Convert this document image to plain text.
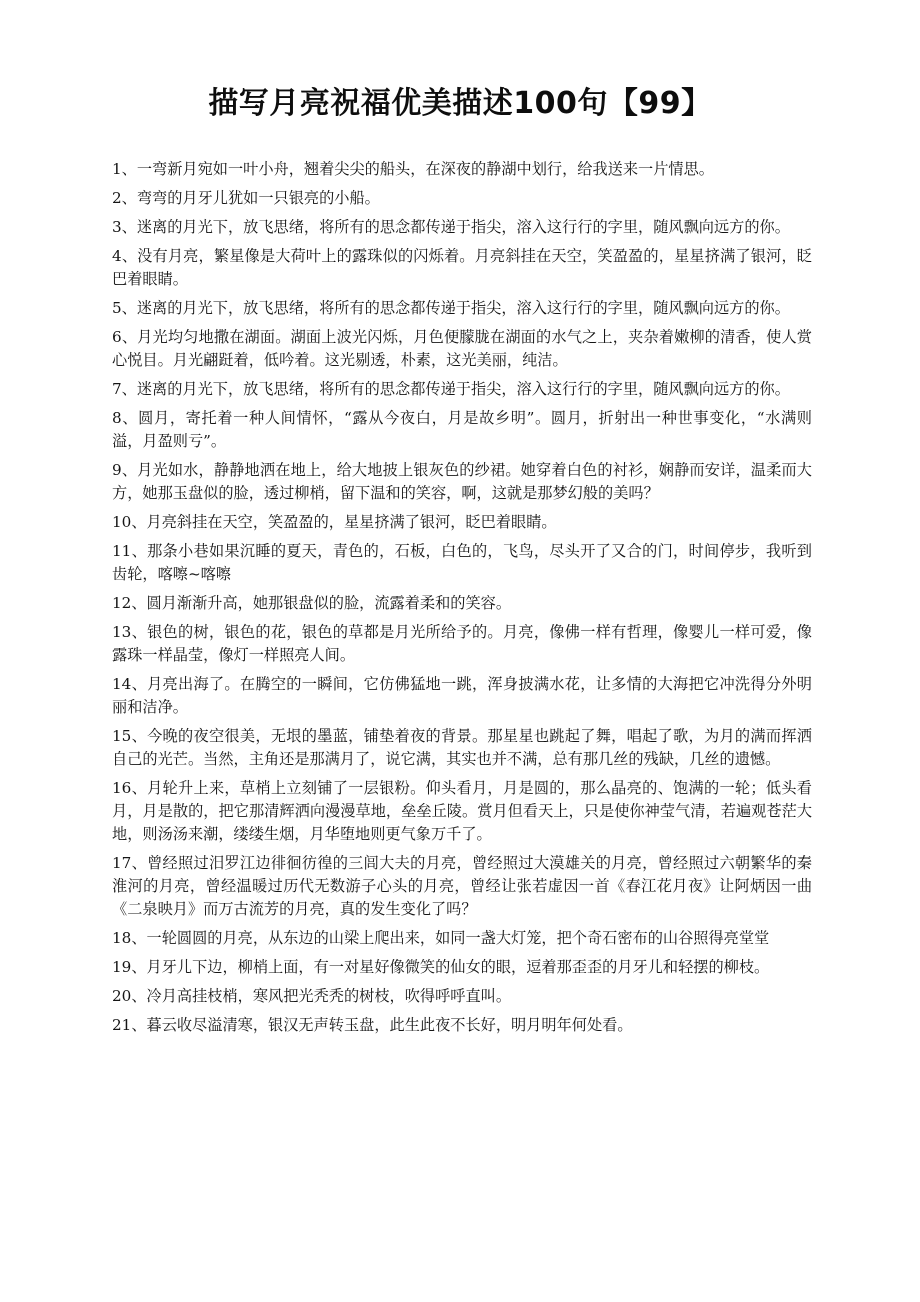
描写月亮祝福优美描述100句【99】
1、一弯新月宛如一叶小舟，翘着尖尖的船头，在深夜的静湖中划行，给我送来一片情思。
2、弯弯的月牙儿犹如一只银亮的小船。
3、迷离的月光下，放飞思绪，将所有的思念都传递于指尖，溶入这行行的字里，随风飘向远方的你。
4、没有月亮，繁星像是大荷叶上的露珠似的闪烁着。月亮斜挂在天空，笑盈盈的，星星挤满了银河，眨巴着眼睛。
5、迷离的月光下，放飞思绪，将所有的思念都传递于指尖，溶入这行行的字里，随风飘向远方的你。
6、月光均匀地撒在湖面。湖面上波光闪烁，月色便朦胧在湖面的水气之上，夹杂着嫩柳的清香，使人赏心悦目。月光翩跹着，低吟着。这光剔透，朴素，这光美丽，纯洁。
7、迷离的月光下，放飞思绪，将所有的思念都传递于指尖，溶入这行行的字里，随风飘向远方的你。
8、圆月，寄托着一种人间情怀，“露从今夜白，月是故乡明”。圆月，折射出一种世事变化，“水满则溢，月盈则亏”。
9、月光如水，静静地洒在地上，给大地披上银灰色的纱裙。她穿着白色的衬衫，娴静而安详，温柔而大方，她那玉盘似的脸，透过柳梢，留下温和的笑容，啊，这就是那梦幻般的美吗？
10、月亮斜挂在天空，笑盈盈的，星星挤满了银河，眨巴着眼睛。
11、那条小巷如果沉睡的夏天，青色的，石板，白色的，飞鸟，尽头开了又合的门，时间停步，我听到齿轮，喀嚓~喀嚓
12、圆月渐渐升高，她那银盘似的脸，流露着柔和的笑容。
13、银色的树，银色的花，银色的草都是月光所给予的。月亮，像佛一样有哲理，像婴儿一样可爱，像露珠一样晶莹，像灯一样照亮人间。
14、月亮出海了。在腾空的一瞬间，它仿佛猛地一跳，浑身披满水花，让多情的大海把它冲洗得分外明丽和洁净。
15、今晚的夜空很美，无垠的墨蓝，铺垫着夜的背景。那星星也跳起了舞，唱起了歌，为月的满而挥洒自己的光芒。当然，主角还是那满月了，说它满，其实也并不满，总有那几丝的残缺，几丝的遗憾。
16、月轮升上来，草梢上立刻铺了一层银粉。仰头看月，月是圆的，那么晶亮的、饱满的一轮；低头看月，月是散的，把它那清辉洒向漫漫草地，垒垒丘陵。赏月但看天上，只是使你神莹气清，若遍观苍茫大地，则汤汤来潮，缕缕生烟，月华堕地则更气象万千了。
17、曾经照过汨罗江边徘徊彷徨的三闾大夫的月亮，曾经照过大漠雄关的月亮，曾经照过六朝繁华的秦淮河的月亮，曾经温暖过历代无数游子心头的月亮，曾经让张若虚因一首《春江花月夜》让阿炳因一曲《二泉映月》而万古流芳的月亮，真的发生变化了吗？
18、一轮圆圆的月亮，从东边的山梁上爬出来，如同一盏大灯笼，把个奇石密布的山谷照得亮堂堂
19、月牙儿下边，柳梢上面，有一对星好像微笑的仙女的眼，逗着那歪歪的月牙儿和轻摆的柳枝。
20、冷月高挂枝梢，寒风把光秃秃的树枝，吹得呼呼直叫。
21、暮云收尽溢清寒，银汉无声转玉盘，此生此夜不长好，明月明年何处看。
